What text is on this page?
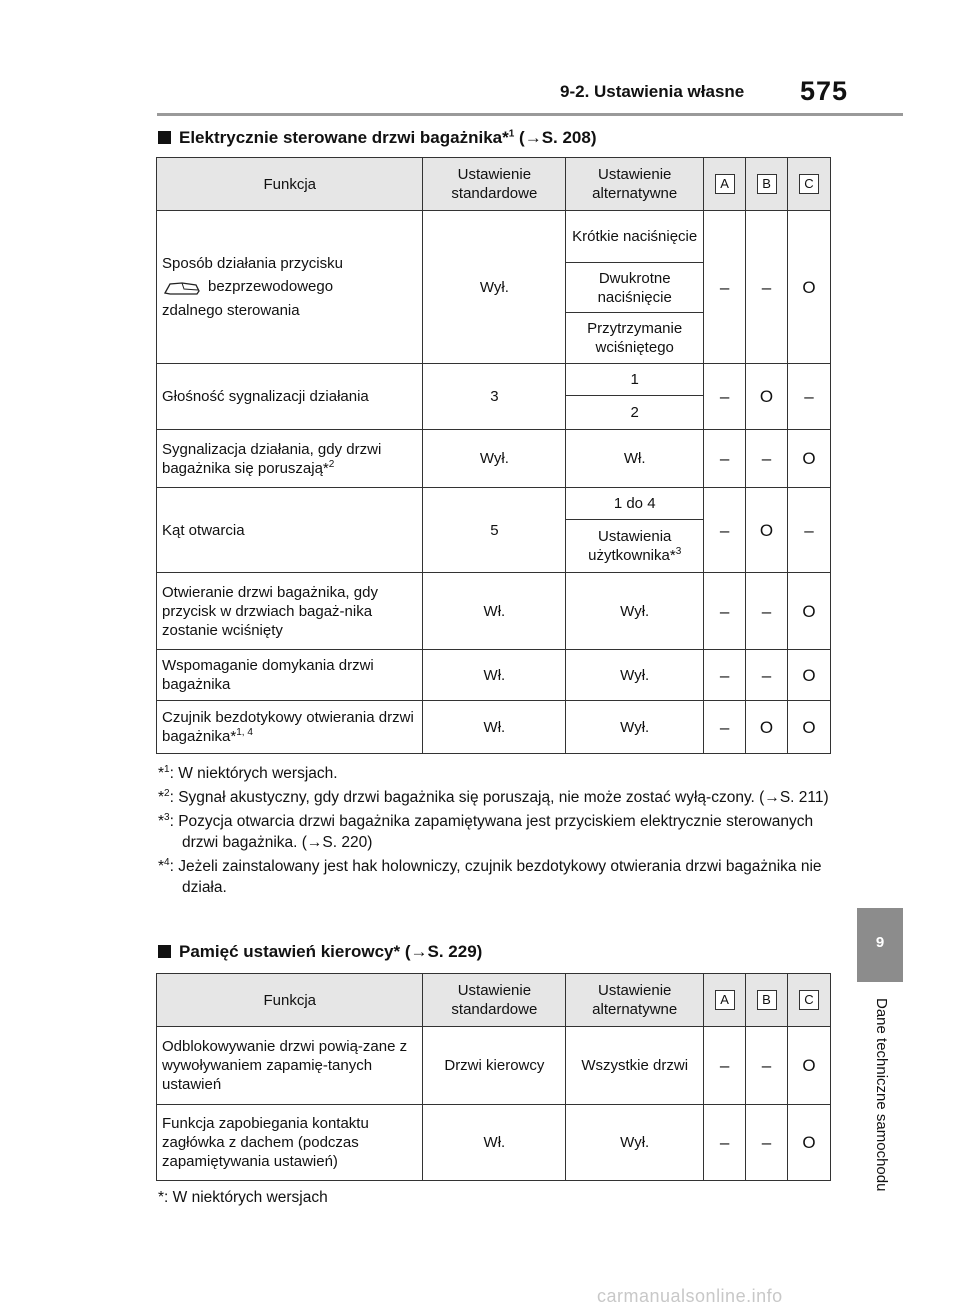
9-2. Ustawienia własne 575
9
Dane techniczne samochodu
Elektrycznie sterowane drzwi bagażnika*$^1$ (→S. 208)
Funkcja	Ustawienie standardowe	Ustawienie alternatywne	A	B	C

Sposób działania przycisku
bezprzewodowego
zdalnego sterowania	Wył.	Krótkie naciśnięcie	–	–	O
		Dwukrotne naciśnięcie			
		Przytrzymanie wciśniętego			
Głośność sygnalizacji działania	3	1	–	O	–
		2			
Sygnalizacja działania, gdy drzwi bagażnika się poruszają*$^2$	Wył.	Wł.	–	–	O
Kąt otwarcia	5	1 do 4	–	O	–
		Ustawienia użytkownika*$^3$
Otwieranie drzwi bagażnika, gdy przycisk w drzwiach bagaż-nika zostanie wciśnięty	Wł.	Wył.	–	–	O
Wspomaganie domykania drzwi bagażnika	Wł.	Wył.	–	–	O
Czujnik bezdotykowy otwierania drzwi bagażnika*$^{1, 4}$	Wł.	Wył.	–	O	O
*$^1$: W niektórych wersjach.
*$^2$: Sygnał akustyczny, gdy drzwi bagażnika się poruszają, nie może zostać wyłą-czony. (→S. 211)
*$^3$: Pozycja otwarcia drzwi bagażnika zapamiętywana jest przyciskiem elektrycznie sterowanych drzwi bagażnika. (→S. 220)
*$^4$: Jeżeli zainstalowany jest hak holowniczy, czujnik bezdotykowy otwierania drzwi bagażnika nie działa.
Pamięć ustawień kierowcy* (→S. 229)
Funkcja	Ustawienie standardowe	Ustawienie alternatywne	A	B	C
Odblokowywanie drzwi powią-zane z wywoływaniem zapamię-tanych ustawień	Drzwi kierowcy	Wszystkie drzwi	–	–	O
Funkcja zapobiegania kontaktu zagłówka z dachem (podczas zapamiętywania ustawień)	Wł.	Wył.	–	–	O
*: W niektórych wersjach
carmanualsonline.info
